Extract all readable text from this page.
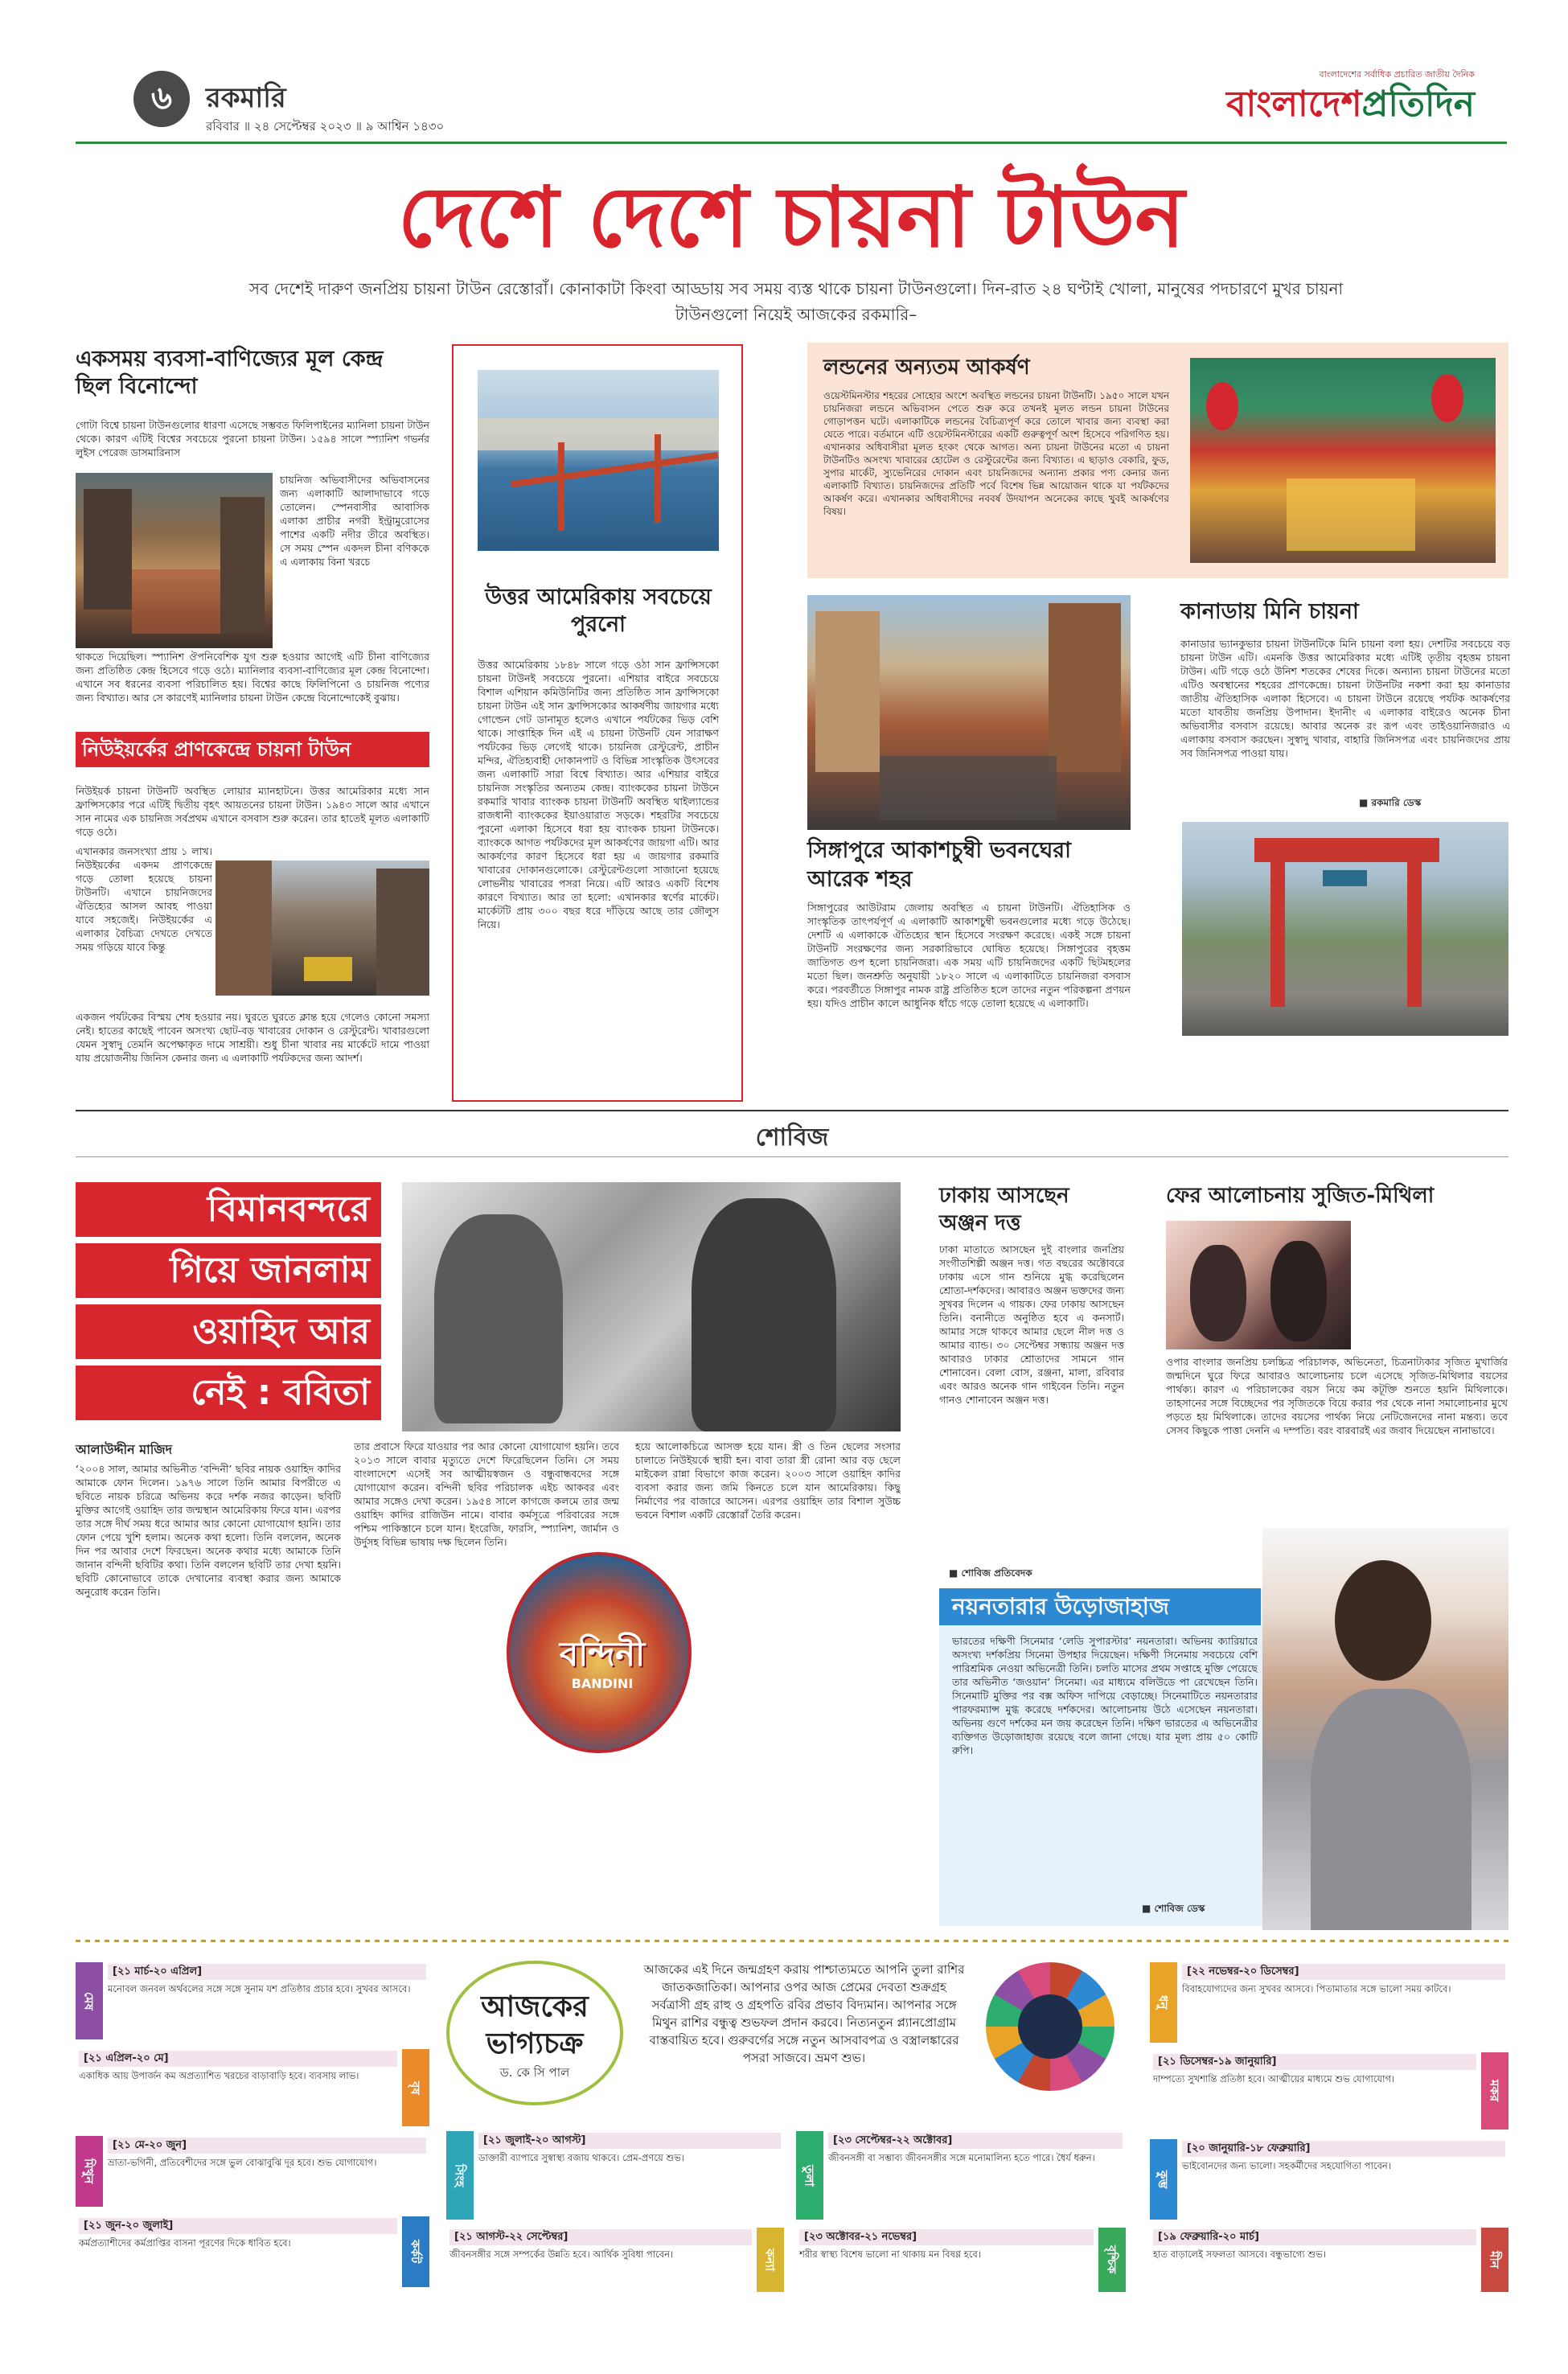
৬	রকমারি
রবিবার ॥ ২৪ সেপ্টেম্বর ২০২৩ ॥ ৯ আশ্বিন ১৪৩০
বাংলাদেশের সর্বাধিক প্রচারিত জাতীয় দৈনিক
বাংলাদেশপ্রতিদিন
দেশে দেশে চায়না টাউন
সব দেশেই দারুণ জনপ্রিয় চায়না টাউন রেস্তোরাঁ। কোনাকাটা কিংবা আড্ডায় সব সময় ব্যস্ত থাকে চায়না টাউনগুলো। দিন-রাত ২৪ ঘণ্টাই খোলা, মানুষের পদচারণে মুখর চায়না টাউনগুলো নিয়েই আজকের রকমারি–
একসময় ব্যবসা-বাণিজ্যের মূল কেন্দ্র ছিল বিনোন্দো
গোটা বিশ্বে চায়না টাউনগুলোর ধারণা এসেছে সম্ভবত ফিলিপাইনের ম্যানিলা চায়না টাউন থেকে। কারণ এটিই বিশ্বের সবচেয়ে পুরনো চায়না টাউন। ১৫৯৪ সালে স্প্যানিশ গভর্নর লুইস পেরেজ ডাসমারিনাস
চায়নিজ অভিবাসীদের অভিবাসনের জন্য এলাকাটি আলাদাভাবে গড়ে তোলেন। স্পেনবাসীর আবাসিক এলাকা প্রাচীর নগরী ইন্ট্রামুরোসের পাশের একটি নদীর তীরে অবস্থিত। সে সময় স্পেন একদল চীনা বণিককে এ এলাকায় বিনা খরচে
থাকতে দিয়েছিল। স্প্যানিশ ঔপনিবেশিক যুগ শুরু হওয়ার আগেই এটি চীনা বাণিজ্যের জন্য প্রতিষ্ঠিত কেন্দ্র হিসেবে গড়ে ওঠে। ম্যানিলার ব্যবসা-বাণিজ্যের মূল কেন্দ্র বিনোন্দো। এখানে সব ধরনের ব্যবসা পরিচালিত হয়। বিশ্বের কাছে ফিলিপিনো ও চায়নিজ পণ্যের জন্য বিখ্যাত। আর সে কারণেই ম্যানিলার চায়না টাউন কেন্দ্রে বিনোন্দোকেই বুঝায়।
নিউইয়র্কের প্রাণকেন্দ্রে চায়না টাউন
নিউইয়র্ক চায়না টাউনটি অবস্থিত লোয়ার ম্যানহাটনে। উত্তর আমেরিকার মধ্যে সান ফ্রান্সিসকোর পরে এটিই দ্বিতীয় বৃহৎ আয়তনের চায়না টাউন। ১৯৪৩ সালে আর এখানে সান নামের এক চায়নিজ সর্বপ্রথম এখানে বসবাস শুরু করেন। তার হাতেই মূলত এলাকাটি গড়ে ওঠে।
এখানকার জনসংখ্যা প্রায় ১ লাখ। নিউইয়র্কের একদম প্রাণকেন্দ্রে গড়ে তোলা হয়েছে চায়না টাউনটি। এখানে চায়নিজদের ঐতিহ্যের আসল আবহ পাওয়া যাবে সহজেই। নিউইয়র্কের এ এলাকার বৈচিত্র্য দেখতে দেখতে সময় গড়িয়ে যাবে কিন্তু
একজন পর্যটকের বিস্ময় শেষ হওয়ার নয়। ঘুরতে ঘুরতে ক্লান্ত হয়ে গেলেও কোনো সমস্যা নেই। হাতের কাছেই পাবেন অসংখ্য ছোট-বড় খাবারের দোকান ও রেস্টুরেন্ট। খাবারগুলো যেমন সুস্বাদু তেমনি অপেক্ষাকৃত দামে সাশ্রয়ী। শুধু চীনা খাবার নয় মার্কেটে দামে পাওয়া যায় প্রয়োজনীয় জিনিস কেনার জন্য এ এলাকাটি পর্যটকদের জন্য আদর্শ।
উত্তর আমেরিকায় সবচেয়ে পুরনো
উত্তর আমেরিকায় ১৮৪৮ সালে গড়ে ওঠা সান ফ্রান্সিসকো চায়না টাউনই সবচেয়ে পুরনো। এশিয়ার বাইরে সবচেয়ে বিশাল এশিয়ান কমিউনিটির জন্য প্রতিষ্ঠিত সান ফ্রান্সিসকো চায়না টাউন এই সান ফ্রান্সিসকোর আকর্ষণীয় জায়গার মধ্যে গোল্ডেন গেট ডানামূত হলেও এখানে পর্যটকের ভিড় বেশি থাকে। সাপ্তাহিক দিন এই এ চায়না টাউনটি যেন সারাক্ষণ পর্যটকের ভিড় লেগেই থাকে। চায়নিজ রেস্টুরেন্ট, প্রাচীন মন্দির, ঐতিহ্যবাহী দোকানপাট ও বিভিন্ন সাংস্কৃতিক উৎসবের জন্য এলাকাটি সারা বিশ্বে বিখ্যাত। আর এশিয়ার বাইরে চায়নিজ সংস্কৃতির অন্যতম কেন্দ্র। ব্যাংককের চায়না টাউনে রকমারি খাবার ব্যাংকক চায়না টাউনটি অবস্থিত থাইল্যান্ডের রাজধানী ব্যাংককের ইয়াওয়ারাত সড়কে। শহরটির সবচেয়ে পুরনো এলাকা হিসেবে ধরা হয় ব্যাংকক চায়না টাউনকে। ব্যাংককে আগত পর্যটকদের মূল আকর্ষণের জায়গা এটি। আর আকর্ষণের কারণ হিসেবে ধরা হয় এ জায়গার রকমারি খাবারের দোকানগুলোকে। রেস্টুরেন্টগুলো সাজানো হয়েছে লোভনীয় খাবারের পসরা নিয়ে। এটি আরও একটি বিশেষ কারণে বিখ্যাত। আর তা হলো: এখানকার স্বর্ণের মার্কেট। মার্কেটটি প্রায় ৩০০ বছর ধরে দাঁড়িয়ে আছে তার জৌলুস নিয়ে।
লন্ডনের অন্যতম আকর্ষণ
ওয়েস্টমিনস্টার শহরের সোহোর অংশে অবস্থিত লন্ডনের চায়না টাউনটি। ১৯৫০ সালে যখন চায়নিজরা লন্ডনে অভিবাসন পেতে শুরু করে তখনই মূলত লন্ডন চায়না টাউনের গোড়াপত্তন ঘটে। এলাকাটিকে লন্ডনের বৈচিত্র্যপূর্ণ করে তোলে খাবার জন্য ব্যবস্থা করা যেতে পারে। বর্তমানে এটি ওয়েস্টমিনস্টারের একটি গুরুত্বপূর্ণ অংশ হিসেবে পরিগণিত হয়। এখানকার অধিবাসীরা মূলত হংকং থেকে আগত। অন্য চায়না টাউনের মতো এ চায়না টাউনটিও অসংখ্য খাবারের হোটেল ও রেস্টুরেন্টের জন্য বিখ্যাত। এ ছাড়াও বেকারি, ফুড, সুপার মার্কেট, স্যুভেনিরের দোকান এবং চায়নিজদের অন্যান্য প্রকার পণ্য কেনার জন্য এলাকাটি বিখ্যাত। চায়নিজদের প্রতিটি পর্বে বিশেষ ভিন্ন আয়োজন থাকে যা পর্যটকদের আকর্ষণ করে। এখানকার অধিবাসীদের নববর্ষ উদযাপন অনেকের কাছে খুবই আকর্ষণের বিষয়।
সিঙ্গাপুরে আকাশচুম্বী ভবনঘেরা আরেক শহর
সিঙ্গাপুরের আউটরাম জেলায় অবস্থিত এ চায়না টাউনটি। ঐতিহাসিক ও সাংস্কৃতিক তাৎপর্যপূর্ণ এ এলাকাটি আকাশচুম্বী ভবনগুলোর মধ্যে গড়ে উঠেছে। দেশটি এ এলাকাকে ঐতিহ্যের স্থান হিসেবে সংরক্ষণ করেছে। একই সঙ্গে চায়না টাউনটি সংরক্ষণের জন্য সরকারিভাবে ঘোষিত হয়েছে। সিঙ্গাপুরের বৃহত্তম জাতিগত গুপ হলো চায়নিজরা। এক সময় এটি চায়নিজদের একটি ছিটমহলের মতো ছিল। জনশ্রুতি অনুযায়ী ১৮২০ সালে এ এলাকাটিতে চায়নিজরা বসবাস করে। পরবর্তীতে সিঙ্গাপুর নামক রাষ্ট্র প্রতিষ্ঠিত হলে তাদের নতুন পরিকল্পনা প্রণয়ন হয়। যদিও প্রাচীন কালে আধুনিক ধাঁচে গড়ে তোলা হয়েছে এ এলাকাটি।
কানাডায় মিনি চায়না
কানাডার ভ্যানকুভার চায়না টাউনটিকে মিনি চায়না বলা হয়। দেশটির সবচেয়ে বড় চায়না টাউন এটি। এমনকি উত্তর আমেরিকার মধ্যে এটিই তৃতীয় বৃহত্তম চায়না টাউন। এটি গড়ে ওঠে উনিশ শতকের শেষের দিকে। অন্যান্য চায়না টাউনের মতো এটিও অবস্থানের শহরের প্রাণকেন্দ্রে। চায়না টাউনটির নকশা করা হয় কানাডার জাতীয় ঐতিহাসিক এলাকা হিসেবে। এ চায়না টাউনে রয়েছে পর্যটক আকর্ষণের মতো যাবতীয় জনপ্রিয় উপাদান। ইদানীং এ এলাকার বাইরেও অনেক চীনা অভিবাসীর বসবাস রয়েছে। আবার অনেক রং রূপ এবং তাইওয়ানিজরাও এ এলাকায় বসবাস করছেন। সুস্বাদু খাবার, বাহারি জিনিসপত্র এবং চায়নিজদের প্রায় সব জিনিসপত্র পাওয়া যায়।
■ রকমারি ডেস্ক
শোবিজ
বিমানবন্দরে
গিয়ে জানলাম
ওয়াহিদ আর
নেই : ববিতা
আলাউদ্দীন মাজিদ
‘২০০৪ সাল, আমার অভিনীত ‘বন্দিনী’ ছবির নায়ক ওয়াহিদ কাদির আমাকে ফোন দিলেন। ১৯৭৬ সালে তিনি আমার বিপরীতে এ ছবিতে নায়ক চরিত্রে অভিনয় করে দর্শক নজর কাড়েন। ছবিটি মুক্তির আগেই ওয়াহিদ তার জন্মস্থান আমেরিকায় ফিরে যান। এরপর তার সঙ্গে দীর্ঘ সময় ধরে আমার আর কোনো যোগাযোগ হয়নি। তার ফোন পেয়ে খুশি হলাম। অনেক কথা হলো। তিনি বললেন, অনেক দিন পর আবার দেশে ফিরছেন। অনেক কথার মধ্যে আমাকে তিনি জানান বন্দিনী ছবিটির কথা। তিনি বললেন ছবিটি তার দেখা হয়নি। ছবিটি কোনোভাবে তাকে দেখানোর ব্যবস্থা করার জন্য আমাকে অনুরোধ করেন তিনি।
তার প্রবাসে ফিরে যাওয়ার পর আর কোনো যোগাযোগ হয়নি। তবে ২০১৩ সালে বাবার মৃত্যুতে দেশে ফিরেছিলেন তিনি। সে সময় বাংলাদেশে এসেই সব আত্মীয়স্বজন ও বন্ধুবান্ধবদের সঙ্গে যোগাযোগ করেন। বন্দিনী ছবির পরিচালক এইচ আকবর এবং আমার সঙ্গেও দেখা করেন। ১৯৫৪ সালে কাগজে কলমে তার জন্ম ওয়াহিদ কাদির রাজিউন নামে। বাবার কর্মসূত্রে পরিবারের সঙ্গে পশ্চিম পাকিস্তানে চলে যান। ইংরেজি, ফারসি, স্প্যানিশ, জার্মান ও উর্দুসহ বিভিন্ন ভাষায় দক্ষ ছিলেন তিনি।
হয়ে আলোকচিত্রে আসক্ত হয়ে যান। স্ত্রী ও তিন ছেলের সংসার চালাতে নিউইয়র্কে স্থায়ী হন। বাবা তারা স্ত্রী রোনা আর বড় ছেলে মাইকেল রান্না বিভাগে কাজ করেন। ২০০৩ সালে ওয়াহিদ কাদির ব্যবসা করার জন্য জমি কিনতে চলে যান আমেরিকায়। কিছু নির্মাণের পর বাজারে আসেন। এরপর ওয়াহিদ তার বিশাল সুউচ্চ ভবনে বিশাল একটি রেস্তোরাঁ তৈরি করেন।
বন্দিনী
BANDINI
ঢাকায় আসছেন অঞ্জন দত্ত
ঢাকা মাতাতে আসছেন দুই বাংলার জনপ্রিয় সংগীতশিল্পী অঞ্জন দত্ত। গত বছরের অক্টোবরে ঢাকায় এসে গান শুনিয়ে মুগ্ধ করেছিলেন শ্রোতা-দর্শকদের। আবারও অঞ্জন ভক্তদের জন্য সুখবর দিলেন এ গায়ক। ফের ঢাকায় আসছেন তিনি। বনানীতে অনুষ্ঠিত হবে এ কনসার্ট। আমার সঙ্গে থাকবে আমার ছেলে নীল দত্ত ও আমার ব্যান্ড। ৩০ সেপ্টেম্বর সন্ধ্যায় অঞ্জন দত্ত আবারও ঢাকার শ্রোতাদের সামনে গান শোনাবেন। বেলা বোস, রঞ্জনা, মালা, রবিবার এবং আরও অনেক গান গাইবেন তিনি। নতুন গানও শোনাবেন অঞ্জন দত্ত।
■ শোবিজ প্রতিবেদক
ফের আলোচনায় সুজিত-মিথিলা
ওপার বাংলার জনপ্রিয় চলচ্চিত্র পরিচালক, অভিনেতা, চিত্রনাট্যকার সৃজিত মুখার্জির জন্মদিনে ঘুরে ফিরে আবারও আলোচনায় চলে এসেছে সৃজিত-মিথিলার বয়সের পার্থক্য। কারণ এ পরিচালকের বয়স নিয়ে কম কটূক্তি শুনতে হয়নি মিথিলাকে। তাহসানের সঙ্গে বিচ্ছেদের পর সৃজিতকে বিয়ে করার পর থেকে নানা সমালোচনার মুখে পড়তে হয় মিথিলাকে। তাদের বয়সের পার্থক্য নিয়ে নেটিজেনদের নানা মন্তব্য। তবে সেসব কিছুকে পাত্তা দেননি এ দম্পতি। বরং বারবারই এর জবাব দিয়েছেন নানাভাবে।
নয়নতারার উড়োজাহাজ
ভারতের দক্ষিণী সিনেমার ‘লেডি সুপারস্টার’ নয়নতারা। অভিনয় ক্যারিয়ারে অসংখ্য দর্শকপ্রিয় সিনেমা উপহার দিয়েছেন। দক্ষিণী সিনেমায় সবচেয়ে বেশি পারিশ্রমিক নেওয়া অভিনেত্রী তিনি। চলতি মাসের প্রথম সপ্তাহে মুক্তি পেয়েছে তার অভিনীত ‘জওয়ান’ সিনেমা। এর মাধ্যমে বলিউডে পা রেখেছেন তিনি। সিনেমাটি মুক্তির পর বক্স অফিস দাপিয়ে বেড়াচ্ছে। সিনেমাটিতে নয়নতারার পারফরম্যান্স মুগ্ধ করেছে দর্শকদের। আলোচনায় উঠে এসেছেন নয়নতারা। অভিনয় গুণে দর্শকের মন জয় করেছেন তিনি। দক্ষিণ ভারতের এ অভিনেত্রীর ব্যক্তিগত উড়োজাহাজ রয়েছে বলে জানা গেছে। যার মূল্য প্রায় ৫০ কোটি রুপি।
■ শোবিজ ডেস্ক
আজকের
ভাগ্যচক্র
ড. কে সি পাল
আজকের এই দিনে জন্মগ্রহণ করায় পাশ্চাত্যমতে আপনি তুলা রাশির জাতকজাতিকা। আপনার ওপর আজ প্রেমের দেবতা শুক্রগ্রহ সর্বত্রাসী গ্রহ রাহু ও গ্রহপতি রবির প্রভাব বিদ্যমান। আপনার সঙ্গে মিথুন রাশির বন্ধুত্ব শুভফল প্রদান করবে। নিত্যনতুন প্ল্যানপ্রোগ্রাম বাস্তবায়িত হবে। গুরুবর্গের সঙ্গে নতুন আসবাবপত্র ও বস্ত্রালঙ্কারের পসরা সাজবে। ভ্রমণ শুভ।
মেষ
[২১ মার্চ-২০ এপ্রিল]
মনোবল জনবল অর্থবলের সঙ্গে সঙ্গে সুনাম যশ প্রতিষ্ঠার প্রচার হবে। সুখবর আসবে।
বৃষ
[২১ এপ্রিল-২০ মে]
একাধিক আয় উপার্জন কম অপ্রত্যাশিত খরচের বাড়াবাড়ি হবে। ব্যবসায় লাভ।
মিথুন
[২১ মে-২০ জুন]
ভ্রাতা-ভগিনী, প্রতিবেশীদের সঙ্গে ভুল বোঝাবুঝি দূর হবে। শুভ যোগাযোগ।
কর্কট
[২১ জুন-২০ জুলাই]
কর্মপ্রত্যাশীদের কর্মপ্রাপ্তির বাসনা পূরণের দিকে ধাবিত হবে।
সিংহ
[২১ জুলাই-২০ আগস্ট]
ডাক্তারী ব্যাপারে সুস্বাস্থ্য বজায় থাকবে। প্রেম-প্রণয়ে শুভ।
কন্যা
[২১ আগস্ট-২২ সেপ্টেম্বর]
জীবনসঙ্গীর সঙ্গে সম্পর্কের উন্নতি হবে। আর্থিক সুবিধা পাবেন।
তুলা
[২৩ সেপ্টেম্বর-২২ অক্টোবর]
জীবনসঙ্গী বা সম্ভাব্য জীবনসঙ্গীর সঙ্গে মনোমালিন্য হতে পারে। ধৈর্য ধরুন।
বৃশ্চিক
[২৩ অক্টোবর-২১ নভেম্বর]
শরীর স্বাস্থ্য বিশেষ ভালো না থাকায় মন বিষণ্ণ হবে।
ধনু
[২২ নভেম্বর-২০ ডিসেম্বর]
বিবাহযোগ্যদের জন্য সুখবর আসবে। পিতামাতার সঙ্গে ভালো সময় কাটবে।
মকর
[২১ ডিসেম্বর-১৯ জানুয়ারি]
দাম্পত্যে সুখশান্তি প্রতিষ্ঠা হবে। আত্মীয়ের মাধ্যমে শুভ যোগাযোগ।
কুম্ভ
[২০ জানুয়ারি-১৮ ফেব্রুয়ারি]
ভাইবোনদের জন্য ভালো। সহকর্মীদের সহযোগিতা পাবেন।
মীন
[১৯ ফেব্রুয়ারি-২০ মার্চ]
হাত বাড়ালেই সফলতা আসবে। বন্ধুভাগ্যে শুভ।
